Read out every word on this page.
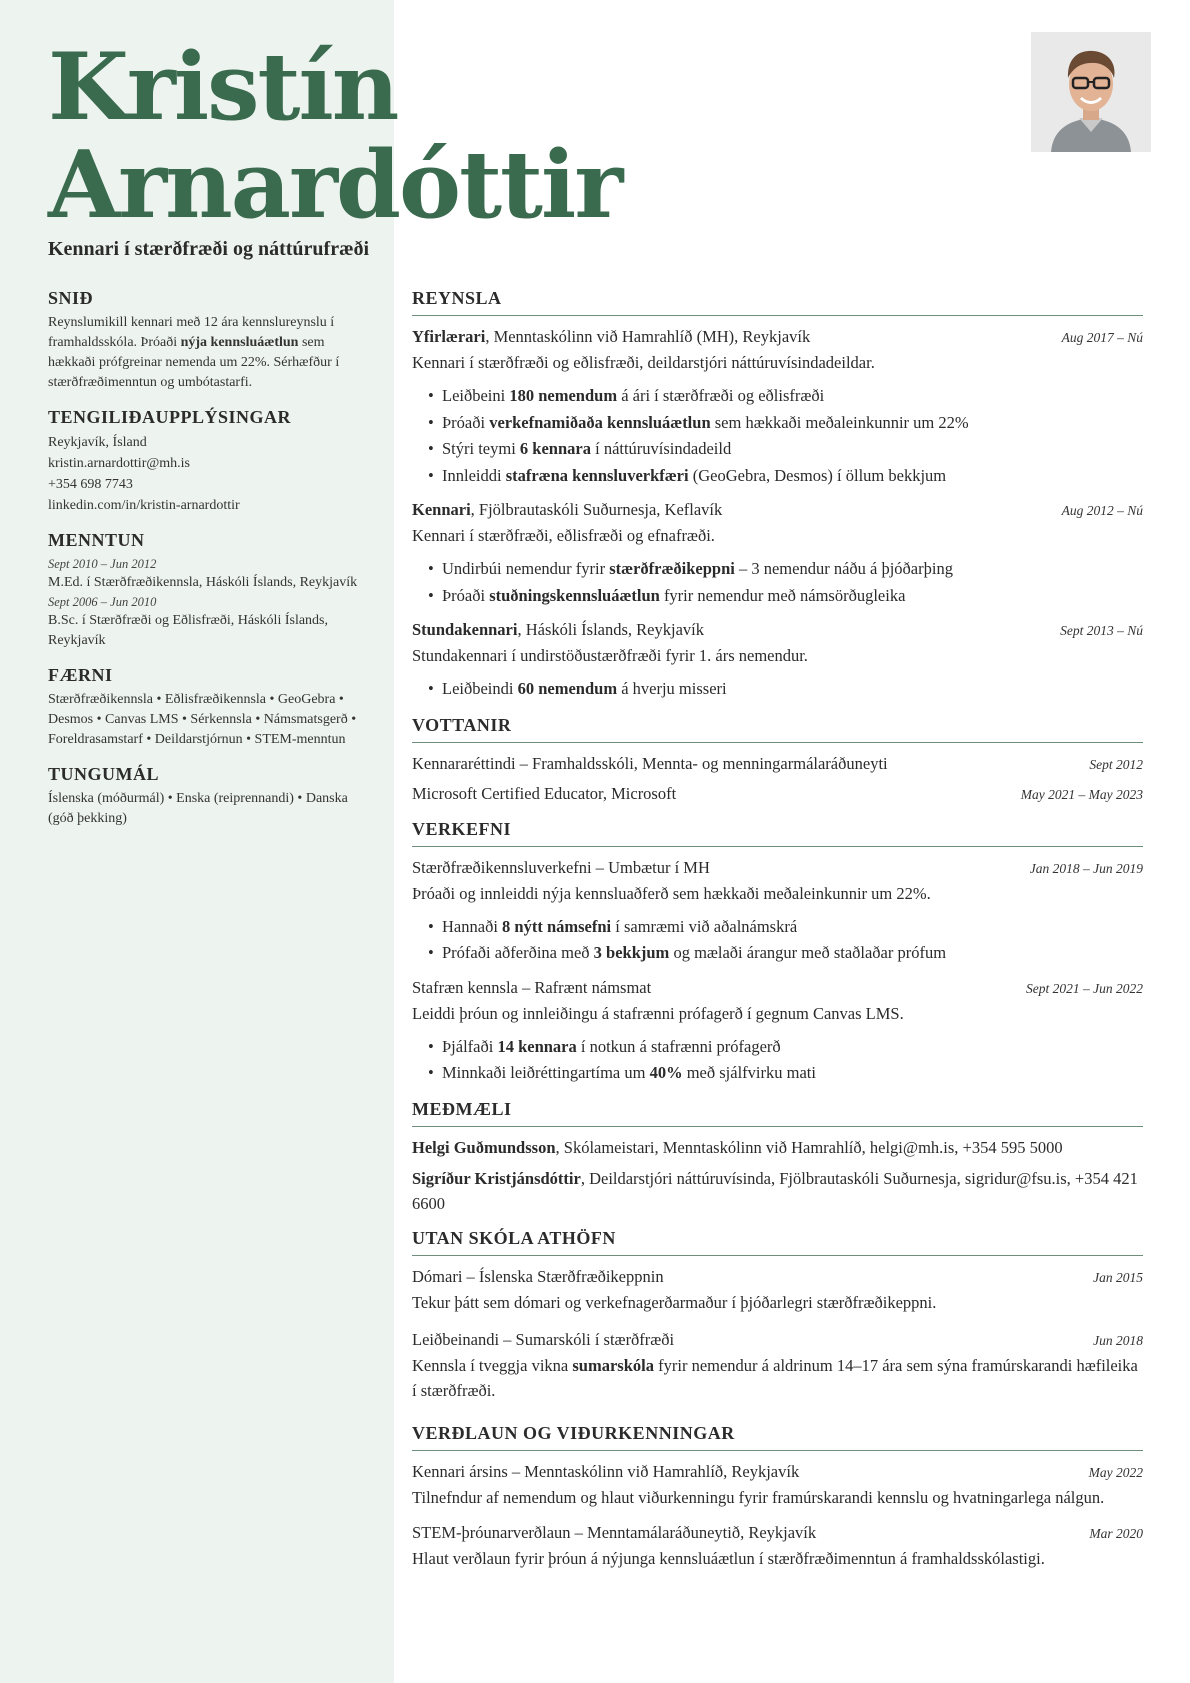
Kristín
Arnardóttir
Kennari í stærðfræði og náttúrufræði
SNIÐ
Reynslumikill kennari með 12 ára kennslureynslu í framhaldsskóla. Þróaði nýja kennsluáætlun sem hækkaði prófgreinar nemenda um 22%. Sérhæfður í stærðfræðimenntun og umbótastarfi.
TENGILIÐAUPPLÝSINGAR
Reykjavík, Ísland
kristin.arnardottir@mh.is
+354 698 7743
linkedin.com/in/kristin-arnardottir
MENNTUN
Sept 2010 – Jun 2012
M.Ed. í Stærðfræðikennsla, Háskóli Íslands, Reykjavík
Sept 2006 – Jun 2010
B.Sc. í Stærðfræði og Eðlisfræði, Háskóli Íslands, Reykjavík
FÆRNI
Stærðfræðikennsla • Eðlisfræðikennsla • GeoGebra • Desmos • Canvas LMS • Sérkennsla • Námsmatsgerð • Foreldrasamstarf • Deildarstjórnun • STEM-menntun
TUNGUMÁL
Íslenska (móðurmál) • Enska (reiprennandi) • Danska (góð þekking)
REYNSLA
Yfirlærari, Menntaskólinn við Hamrahlíð (MH), Reykjavík	Aug 2017 – Nú
Kennari í stærðfræði og eðlisfræði, deildarstjóri náttúruvísindadeildar.
• Leiðbeini 180 nemendum á ári í stærðfræði og eðlisfræði
• Þróaði verkefnamiðaða kennsluáætlun sem hækkaði meðaleinkunnir um 22%
• Stýri teymi 6 kennara í náttúruvísindadeild
• Innleiddi stafræna kennsluverkfæri (GeoGebra, Desmos) í öllum bekkjum
Kennari, Fjölbrautaskóli Suðurnesja, Keflavík	Aug 2012 – Nú
Kennari í stærðfræði, eðlisfræði og efnafræði.
• Undirbúi nemendur fyrir stærðfræðikeppni – 3 nemendur náðu á þjóðarþing
• Þróaði stuðningskennsluáætlun fyrir nemendur með námsörðugleika
Stundakennari, Háskóli Íslands, Reykjavík	Sept 2013 – Nú
Stundakennari í undirstöðustærðfræði fyrir 1. árs nemendur.
• Leiðbeindi 60 nemendum á hverju misseri
VOTTANIR
Kennararéttindi – Framhaldsskóli, Mennta- og menningarmálaráðuneyti	Sept 2012
Microsoft Certified Educator, Microsoft	May 2021 – May 2023
VERKEFNI
Stærðfræðikennsluverkefni – Umbætur í MH	Jan 2018 – Jun 2019
Þróaði og innleiddi nýja kennsluaðferð sem hækkaði meðaleinkunnir um 22%.
• Hannaði 8 nýtt námsefni í samræmi við aðalnámskrá
• Prófaði aðferðina með 3 bekkjum og mælaði árangur með staðlaðar prófum
Stafræn kennsla – Rafrænt námsmat	Sept 2021 – Jun 2022
Leiddi þróun og innleiðingu á stafrænni prófagerð í gegnum Canvas LMS.
• Þjálfaði 14 kennara í notkun á stafrænni prófagerð
• Minnkaði leiðréttingartíma um 40% með sjálfvirku mati
MEÐMÆLI
Helgi Guðmundsson, Skólameistari, Menntaskólinn við Hamrahlíð, helgi@mh.is, +354 595 5000
Sigríður Kristjánsdóttir, Deildarstjóri náttúruvísinda, Fjölbrautaskóli Suðurnesja, sigridur@fsu.is, +354 421 6600
UTAN SKÓLA ATHÖFN
Dómari – Íslenska Stærðfræðikeppnin	Jan 2015
Tekur þátt sem dómari og verkefnagerðarmaður í þjóðarlegri stærðfræðikeppni.
Leiðbeinandi – Sumarskóli í stærðfræði	Jun 2018
Kennsla í tveggja vikna sumarskóla fyrir nemendur á aldrinum 14–17 ára sem sýna framúrskarandi hæfileika í stærðfræði.
VERÐLAUN OG VIÐURKENNINGAR
Kennari ársins – Menntaskólinn við Hamrahlíð, Reykjavík	May 2022
Tilnefndur af nemendum og hlaut viðurkenningu fyrir framúrskarandi kennslu og hvatningarlega nálgun.
STEM-þróunarverðlaun – Menntamálaráðuneytið, Reykjavík	Mar 2020
Hlaut verðlaun fyrir þróun á nýjunga kennsluáætlun í stærðfræðimenntun á framhaldsskólastigi.
